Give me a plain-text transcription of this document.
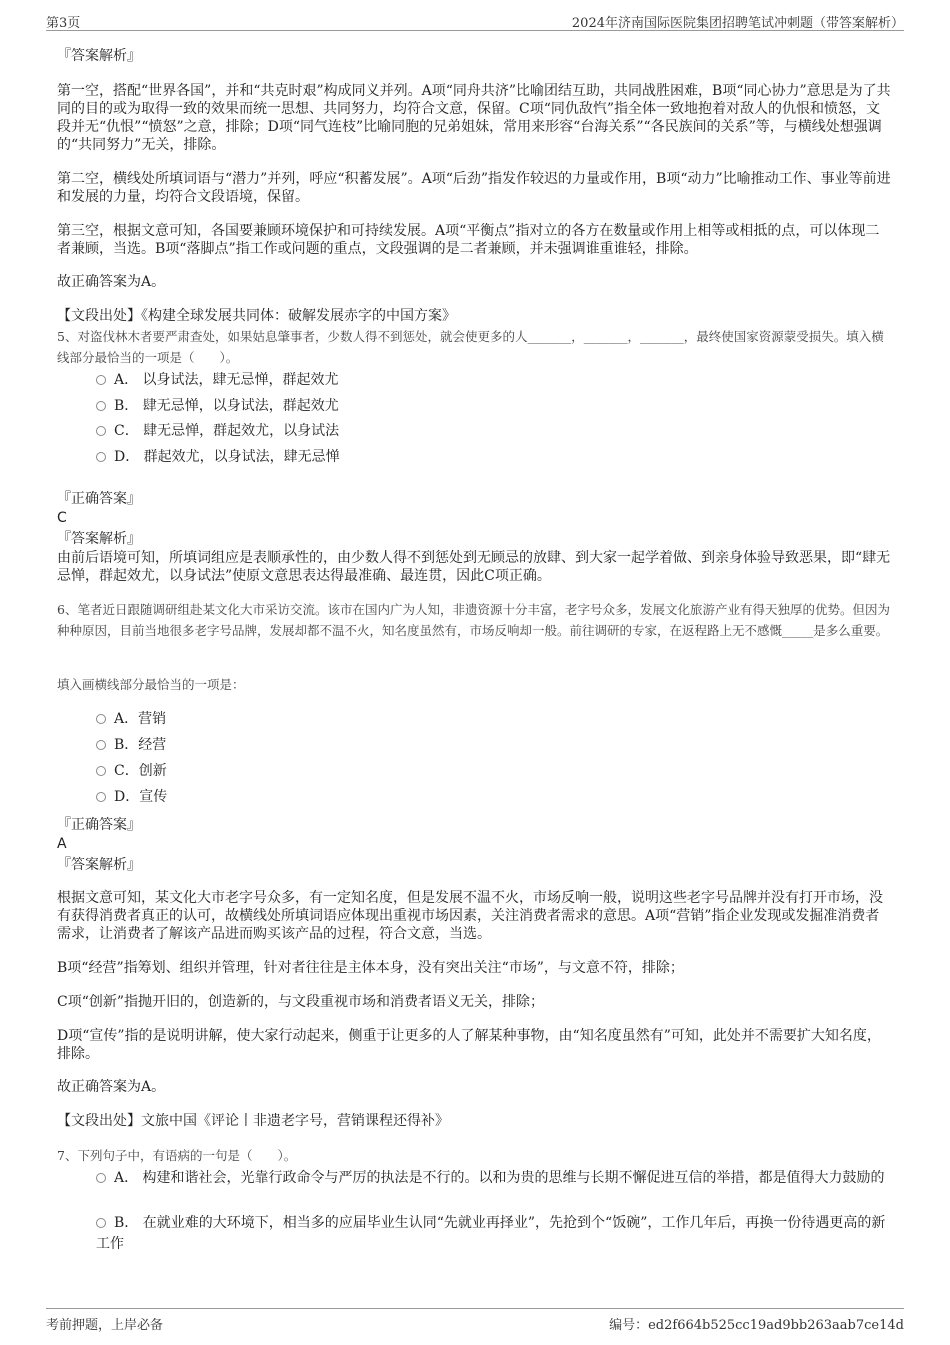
第3页	2024年济南国际医院集团招聘笔试冲刺题（带答案解析）

『答案解析』

第一空，搭配“世界各国”，并和“共克时艰”构成同义并列。A项“同舟共济”比喻团结互助，共同战胜困难，B项“同心协力”意思是为了共同的目的或为取得一致的效果而统一思想、共同努力，均符合文意，保留。C项“同仇敌忾”指全体一致地抱着对敌人的仇恨和愤怒，文段并无“仇恨”“愤怒”之意，排除；D项“同气连枝”比喻同胞的兄弟姐妹，常用来形容“台海关系”“各民族间的关系”等，与横线处想强调的“共同努力”无关，排除。

第二空，横线处所填词语与“潜力”并列，呼应“积蓄发展”。A项“后劲”指发作较迟的力量或作用，B项“动力”比喻推动工作、事业等前进和发展的力量，均符合文段语境，保留。

第三空，根据文意可知，各国要兼顾环境保护和可持续发展。A项“平衡点”指对立的各方在数量或作用上相等或相抵的点，可以体现二者兼顾，当选。B项“落脚点”指工作或问题的重点，文段强调的是二者兼顾，并未强调谁重谁轻，排除。

故正确答案为A。

【文段出处】《构建全球发展共同体：破解发展赤字的中国方案》

5、对盗伐林木者要严肃查处，如果姑息肇事者，少数人得不到惩处，就会使更多的人_______，_______，_______，最终使国家资源蒙受损失。填入横线部分最恰当的一项是（　　）。

A． 以身试法，肆无忌惮，群起效尤
B． 肆无忌惮，以身试法，群起效尤
C． 肆无忌惮，群起效尤，以身试法
D． 群起效尤，以身试法，肆无忌惮
『正确答案』
C
『答案解析』

由前后语境可知，所填词组应是表顺承性的，由少数人得不到惩处到无顾忌的放肆、到大家一起学着做、到亲身体验导致恶果，即“肆无忌惮，群起效尤，以身试法”使原文意思表达得最准确、最连贯，因此C项正确。

6、笔者近日跟随调研组赴某文化大市采访交流。该市在国内广为人知，非遗资源十分丰富，老字号众多，发展文化旅游产业有得天独厚的优势。但因为种种原因，目前当地很多老字号品牌，发展却都不温不火，知名度虽然有，市场反响却一般。前往调研的专家，在返程路上无不感慨_____是多么重要。

填入画横线部分最恰当的一项是：

A．营销
B．经营
C．创新
D．宣传
『正确答案』
A
『答案解析』

根据文意可知，某文化大市老字号众多，有一定知名度，但是发展不温不火，市场反响一般，说明这些老字号品牌并没有打开市场，没有获得消费者真正的认可，故横线处所填词语应体现出重视市场因素，关注消费者需求的意思。A项“营销”指企业发现或发掘准消费者需求，让消费者了解该产品进而购买该产品的过程，符合文意，当选。

B项“经营”指筹划、组织并管理，针对者往往是主体本身，没有突出关注“市场”，与文意不符，排除；

C项“创新”指抛开旧的，创造新的，与文段重视市场和消费者语义无关，排除；

D项“宣传”指的是说明讲解，使大家行动起来，侧重于让更多的人了解某种事物，由“知名度虽然有”可知，此处并不需要扩大知名度，排除。

故正确答案为A。

【文段出处】文旅中国《评论丨非遗老字号，营销课程还得补》

7、下列句子中，有语病的一句是（　　）。

A． 构建和谐社会，光靠行政命令与严厉的执法是不行的。以和为贵的思维与长期不懈促进互信的举措，都是值得大力鼓励的
B． 在就业难的大环境下，相当多的应届毕业生认同“先就业再择业”，先抢到个“饭碗”，工作几年后，再换一份待遇更高的新工作
考前押题，上岸必备	编号：ed2f664b525cc19ad9bb263aab7ce14d
